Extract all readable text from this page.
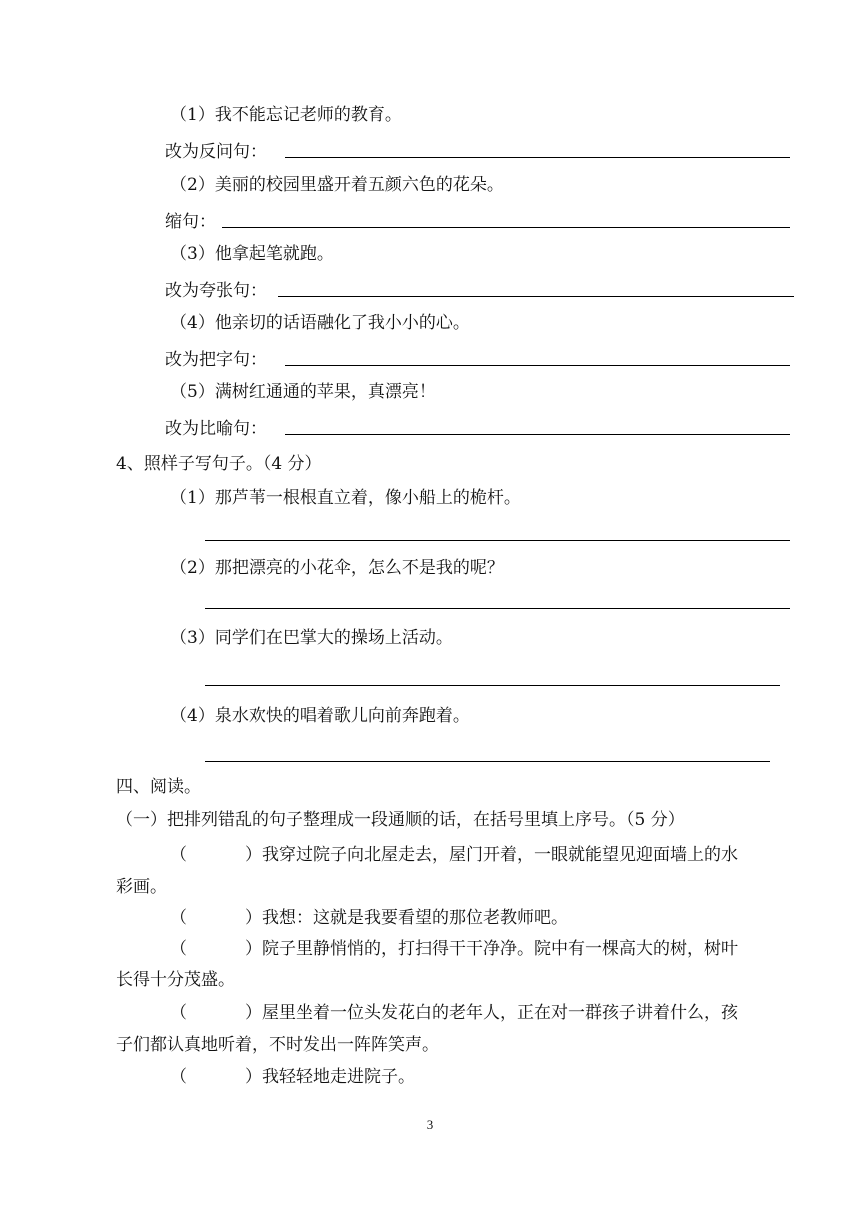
（1）我不能忘记老师的教育。
改为反问句：
（2）美丽的校园里盛开着五颜六色的花朵。
缩句：
（3）他拿起笔就跑。
改为夸张句：
（4）他亲切的话语融化了我小小的心。
改为把字句：
（5）满树红通通的苹果，真漂亮！
改为比喻句：
4、照样子写句子。（4 分）
（1）那芦苇一根根直立着，像小船上的桅杆。
（2）那把漂亮的小花伞，怎么不是我的呢？
（3）同学们在巴掌大的操场上活动。
（4）泉水欢快的唱着歌儿向前奔跑着。
四、阅读。
（一）把排列错乱的句子整理成一段通顺的话，在括号里填上序号。（5 分）
（	）我穿过院子向北屋走去，屋门开着，一眼就能望见迎面墙上的水
彩画。
（	）我想：这就是我要看望的那位老教师吧。
（	）院子里静悄悄的，打扫得干干净净。院中有一棵高大的树，树叶
长得十分茂盛。
（	）屋里坐着一位头发花白的老年人，正在对一群孩子讲着什么，孩
子们都认真地听着，不时发出一阵阵笑声。
（	）我轻轻地走进院子。
3
